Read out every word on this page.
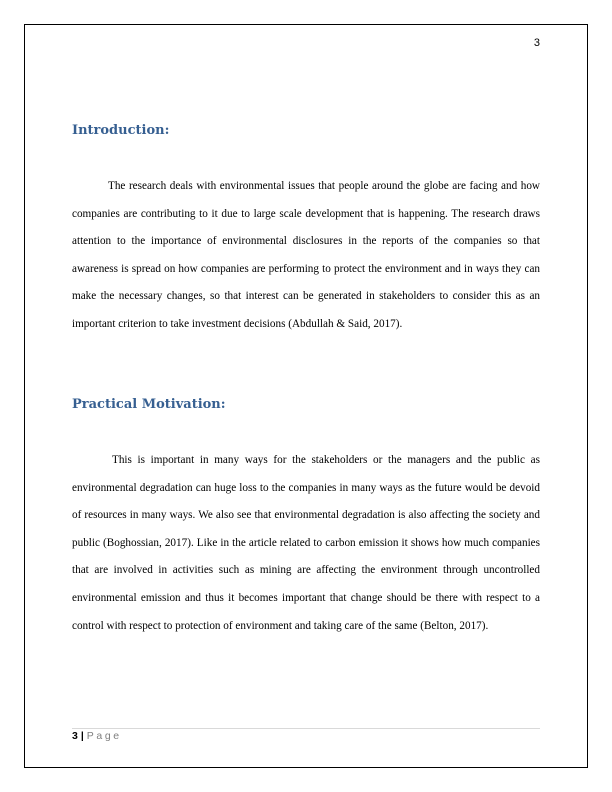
3
Introduction:

The research deals with environmental issues that people around the globe are facing and how companies are contributing to it due to large scale development that is happening. The research draws attention to the importance of environmental disclosures in the reports of the companies so that awareness is spread on how companies are performing to protect the environment and in ways they can make the necessary changes, so that interest can be generated in stakeholders to consider this as an important criterion to take investment decisions (Abdullah & Said, 2017).

Practical Motivation:

This is important in many ways for the stakeholders or the managers and the public as environmental degradation can huge loss to the companies in many ways as the future would be devoid of resources in many ways. We also see that environmental degradation is also affecting the society and public (Boghossian, 2017). Like in the article related to carbon emission it shows how much companies that are involved in activities such as mining are affecting the environment through uncontrolled environmental emission and thus it becomes important that change should be there with respect to a control with respect to protection of environment and taking care of the same (Belton, 2017).

3 | Page
